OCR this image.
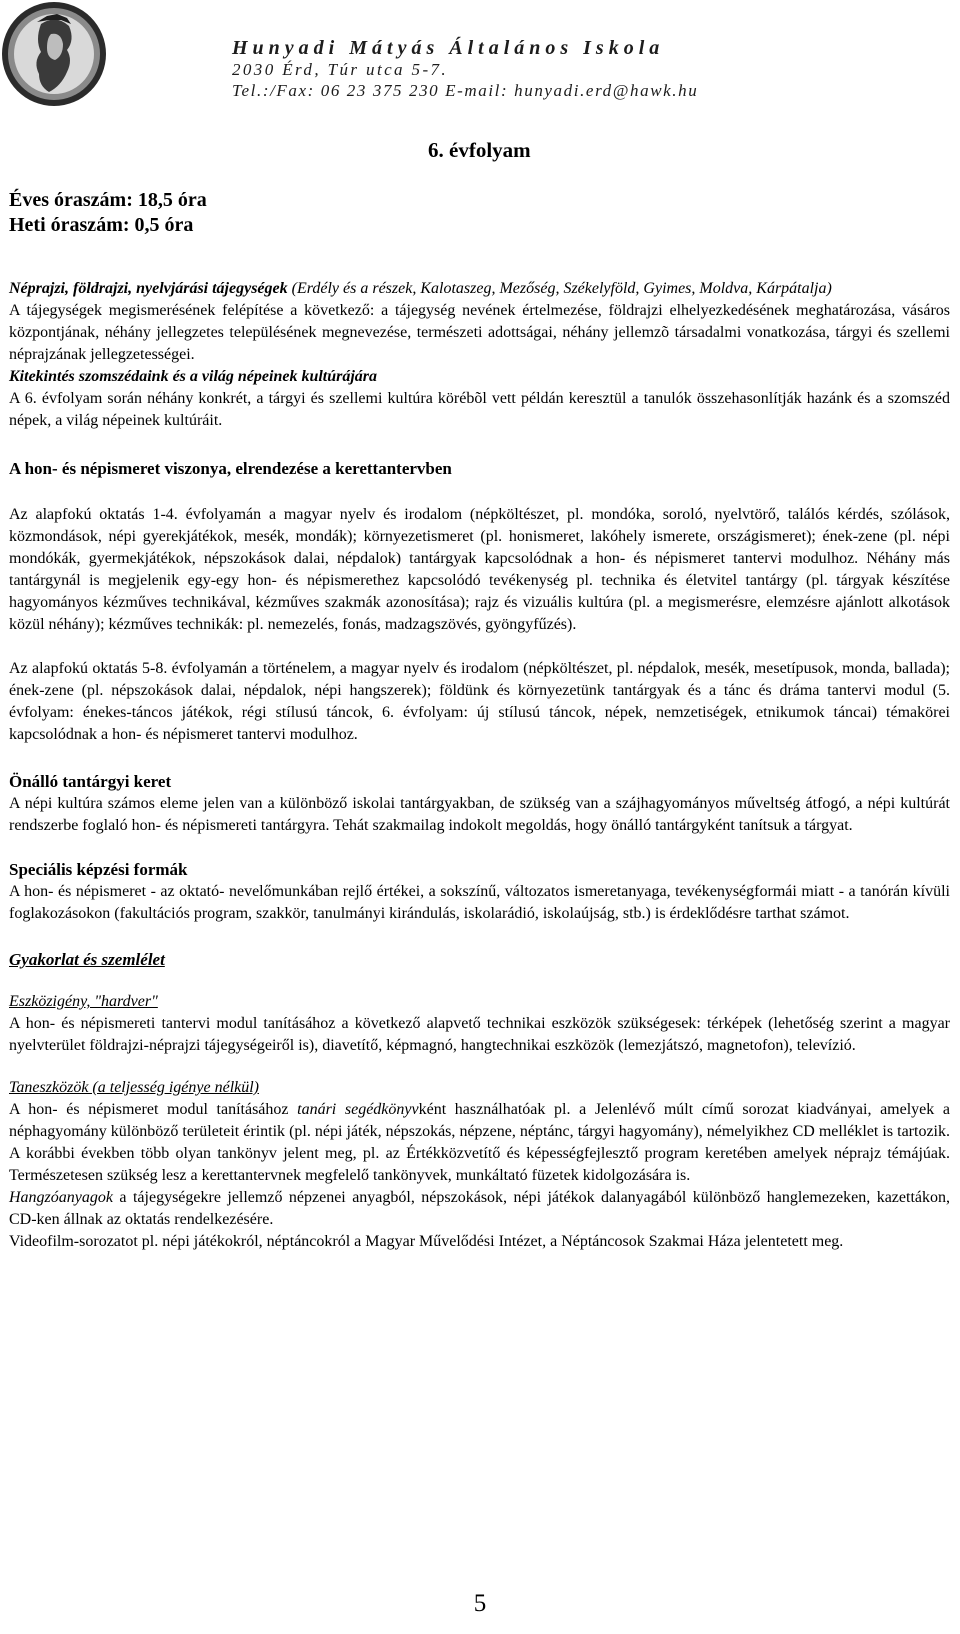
Hunyadi Mátyás Általános Iskola
2030 Érd, Túr utca 5-7.
Tel.:/Fax: 06 23 375 230 E-mail: hunyadi.erd@hawk.hu
6. évfolyam
Éves óraszám: 18,5 óra
Heti óraszám: 0,5 óra

Néprajzi, földrajzi, nyelvjárási tájegységek (Erdély és a részek, Kalotaszeg, Mezőség, Székelyföld, Gyimes, Moldva, Kárpátalja)

A tájegységek megismerésének felépítése a következő: a tájegység nevének értelmezése, földrajzi elhelyezkedésének meghatározása, vásáros központjának, néhány jellegzetes településének megnevezése, természeti adottságai, néhány jellemzõ társadalmi vonatkozása, tárgyi és szellemi néprajzának jellegzetességei.

Kitekintés szomszédaink és a világ népeinek kultúrájára

A 6. évfolyam során néhány konkrét, a tárgyi és szellemi kultúra körébõl vett példán keresztül a tanulók összehasonlítják hazánk és a szomszéd népek, a világ népeinek kultúráit.

A hon- és népismeret viszonya, elrendezése a kerettantervben

Az alapfokú oktatás 1-4. évfolyamán a magyar nyelv és irodalom (népköltészet, pl. mondóka, soroló, nyelvtörő, találós kérdés, szólások, közmondások, népi gyerekjátékok, mesék, mondák); környezetismeret (pl. honismeret, lakóhely ismerete, országismeret); ének-zene (pl. népi mondókák, gyermekjátékok, népszokások dalai, népdalok) tantárgyak kapcsolódnak a hon- és népismeret tantervi modulhoz. Néhány más tantárgynál is megjelenik egy-egy hon- és népismerethez kapcsolódó tevékenység pl. technika és életvitel tantárgy (pl. tárgyak készítése hagyományos kézműves technikával, kézműves szakmák azonosítása); rajz és vizuális kultúra (pl. a megismerésre, elemzésre ajánlott alkotások közül néhány); kézműves technikák: pl. nemezelés, fonás, madzagszövés, gyöngyfűzés).

Az alapfokú oktatás 5-8. évfolyamán a történelem, a magyar nyelv és irodalom (népköltészet, pl. népdalok, mesék, mesetípusok, monda, ballada); ének-zene (pl. népszokások dalai, népdalok, népi hangszerek); földünk és környezetünk tantárgyak és a tánc és dráma tantervi modul (5. évfolyam: énekes-táncos játékok, régi stílusú táncok, 6. évfolyam: új stílusú táncok, népek, nemzetiségek, etnikumok táncai) témakörei kapcsolódnak a hon- és népismeret tantervi modulhoz.

Önálló tantárgyi keret

A népi kultúra számos eleme jelen van a különböző iskolai tantárgyakban, de szükség van a szájhagyományos műveltség átfogó, a népi kultúrát rendszerbe foglaló hon- és népismereti tantárgyra. Tehát szakmailag indokolt megoldás, hogy önálló tantárgyként tanítsuk a tárgyat.

Speciális képzési formák

A hon- és népismeret - az oktató- nevelőmunkában rejlő értékei, a sokszínű, változatos ismeretanyaga, tevékenységformái miatt - a tanórán kívüli foglakozásokon (fakultációs program, szakkör, tanulmányi kirándulás, iskolarádió, iskolaújság, stb.) is érdeklődésre tarthat számot.

Gyakorlat és szemlélet

Eszközigény, "hardver"

A hon- és népismereti tantervi modul tanításához a következő alapvető technikai eszközök szükségesek: térképek (lehetőség szerint a magyar nyelvterület földrajzi-néprajzi tájegységeiről is), diavetítő, képmagnó, hangtechnikai eszközök (lemezjátszó, magnetofon), televízió.

Taneszközök (a teljesség igénye nélkül)

A hon- és népismeret modul tanításához tanári segédkönyvként használhatóak pl. a Jelenlévő múlt című sorozat kiadványai, amelyek a néphagyomány különböző területeit érintik (pl. népi játék, népszokás, népzene, néptánc, tárgyi hagyomány), némelyikhez CD melléklet is tartozik. A korábbi években több olyan tankönyv jelent meg, pl. az Értékközvetítő és képességfejlesztő program keretében amelyek néprajz témájúak. Természetesen szükség lesz a kerettantervnek megfelelő tankönyvek, munkáltató füzetek kidolgozására is.

Hangzóanyagok a tájegységekre jellemző népzenei anyagból, népszokások, népi játékok dalanyagából különböző hanglemezeken, kazettákon, CD-ken állnak az oktatás rendelkezésére.

Videofilm-sorozatot pl. népi játékokról, néptáncokról a Magyar Művelődési Intézet, a Néptáncosok Szakmai Háza jelentetett meg.

5
